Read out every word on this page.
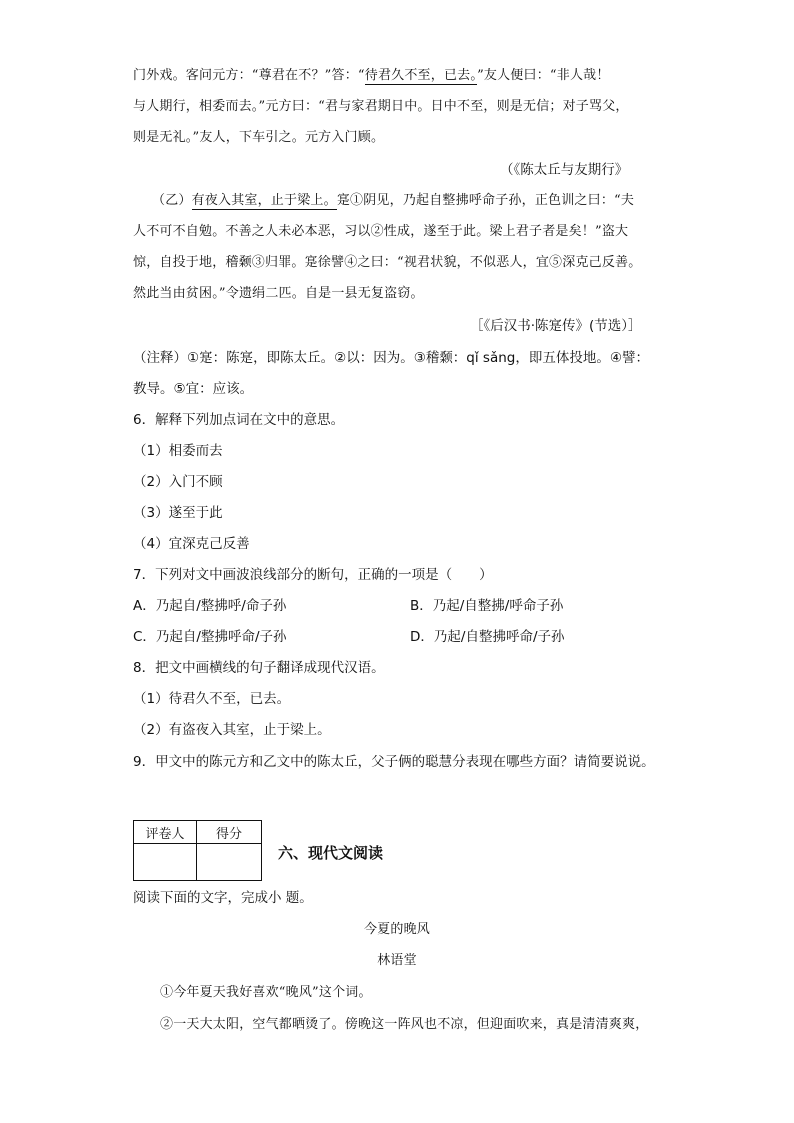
门外戏。客问元方：“尊君在不？”答：“待君久不至，已去。”友人便曰：“非人哉！
与人期行，相委而去。”元方曰：“君与家君期日中。日中不至，则是无信；对子骂父，
则是无礼。”友人，下车引之。元方入门顾。
（《陈太丘与友期行》
（乙）有夜入其室，止于梁上。寔①阴见，乃起自整拂呼命子孙，正色训之曰：“夫
人不可不自勉。不善之人未必本恶，习以②性成，遂至于此。梁上君子者是矣！”盗大
惊，自投于地，稽颡③归罪。寔徐譬④之曰：“视君状貌，不似恶人，宜⑤深克己反善。
然此当由贫困。”令遗绢二匹。自是一县无复盗窃。
［《后汉书·陈寔传》(节选）］
（注释）①寔：陈寔，即陈太丘。②以：因为。③稽颡：qǐ sǎng，即五体投地。④譬：
教导。⑤宜：应该。
6．解释下列加点词在文中的意思。
（1）相委而去
（2）入门不顾
（3）遂至于此
（4）宜深克己反善
7．下列对文中画波浪线部分的断句，正确的一项是（　　）
A．乃起自/整拂呼/命子孙	B．乃起/自整拂/呼命子孙
C．乃起自/整拂呼命/子孙	D．乃起/自整拂呼命/子孙
8．把文中画横线的句子翻译成现代汉语。
（1）待君久不至，已去。
（2）有盗夜入其室，止于梁上。
9．甲文中的陈元方和乙文中的陈太丘，父子俩的聪慧分表现在哪些方面？请简要说说。
评卷人	得分

六、现代文阅读
阅读下面的文字，完成小 题。
今夏的晚风
林语堂
①今年夏天我好喜欢“晚风”这个词。
②一天大太阳，空气都晒烫了。傍晚这一阵风也不凉，但迎面吹来，真是清清爽爽，
